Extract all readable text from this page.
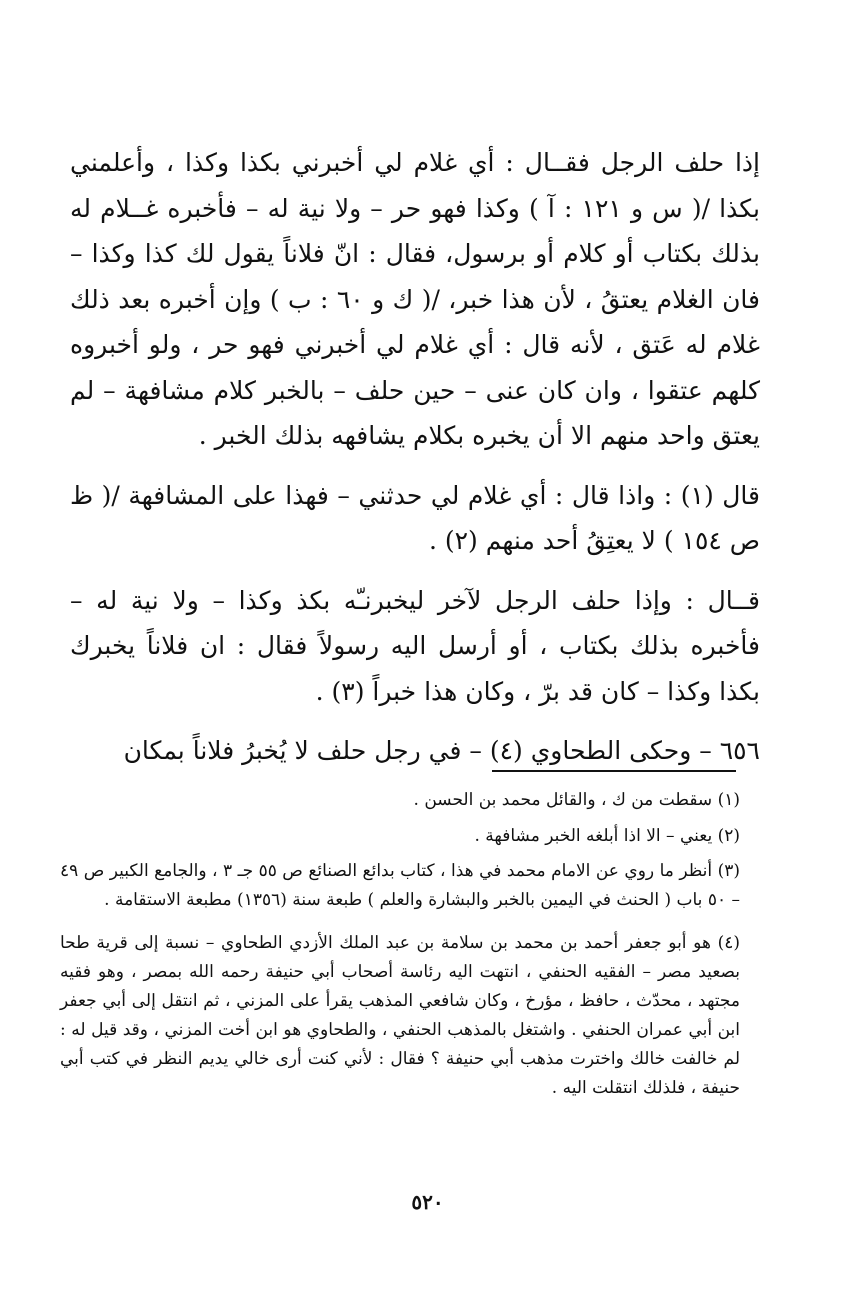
إذا حلف الرجل فقــال : أي غلام لي أخبرني بكذا وكذا ، وأعلمني بكذا /( س و ١٢١ : آ ) وكذا فهو حر – ولا نية له – فأخبره غــلام له بذلك بكتاب أو كلام أو برسول، فقال : انّ فلاناً يقول لك كذا وكذا – فان الغلام يعتقُ ، لأن هذا خبر، /( ك و ٦٠ : ب ) وإن أخبره بعد ذلك غلام له عَتق ، لأنه قال : أي غلام لي أخبرني فهو حر ، ولو أخبروه كلهم عتقوا ، وان كان عنى – حين حلف – بالخبر كلام مشافهة – لم يعتق واحد منهم الا أن يخبره بكلام يشافهه بذلك الخبر .

قال (١) : واذا قال : أي غلام لي حدثني – فهذا على المشافهة /( ظ ص ١٥٤ ) لا يعتِقُ أحد منهم (٢) .

قــال : وإذا حلف الرجل لآخر ليخبرنـّه بكذ وكذا – ولا نية له – فأخبره بذلك بكتاب ، أو أرسل اليه رسولاً فقال : ان فلاناً يخبرك بكذا وكذا – كان قد برّ ، وكان هذا خبراً (٣) .

٦٥٦ – وحكى الطحاوي (٤) – في رجل حلف لا يُخبرُ فلاناً بمكان

(١) سقطت من ك ، والقائل محمد بن الحسن .

(٢) يعني – الا اذا أبلغه الخبر مشافهة .

(٣) أنظر ما روي عن الامام محمد في هذا ، كتاب بدائع الصنائع ص ٥٥ جـ ٣ ، والجامع الكبير ص ٤٩ – ٥٠ باب ( الحنث في اليمين بالخبر والبشارة والعلم ) طبعة سنة (١٣٥٦) مطبعة الاستقامة .

(٤) هو أبو جعفر أحمد بن محمد بن سلامة بن عبد الملك الأزدي الطحاوي – نسبة إلى قرية طحا بصعيد مصر – الفقيه الحنفي ، انتهت اليه رئاسة أصحاب أبي حنيفة رحمه الله بمصر ، وهو فقيه مجتهد ، محدّث ، حافظ ، مؤرخ ، وكان شافعي المذهب يقرأ على المزني ، ثم انتقل إلى أبي جعفر ابن أبي عمران الحنفي . واشتغل بالمذهب الحنفي ، والطحاوي هو ابن أخت المزني ، وقد قيل له : لم خالفت خالك واخترت مذهب أبي حنيفة ؟ فقال : لأني كنت أرى خالي يديم النظر في كتب أبي حنيفة ، فلذلك انتقلت اليه .

٥٢٠
